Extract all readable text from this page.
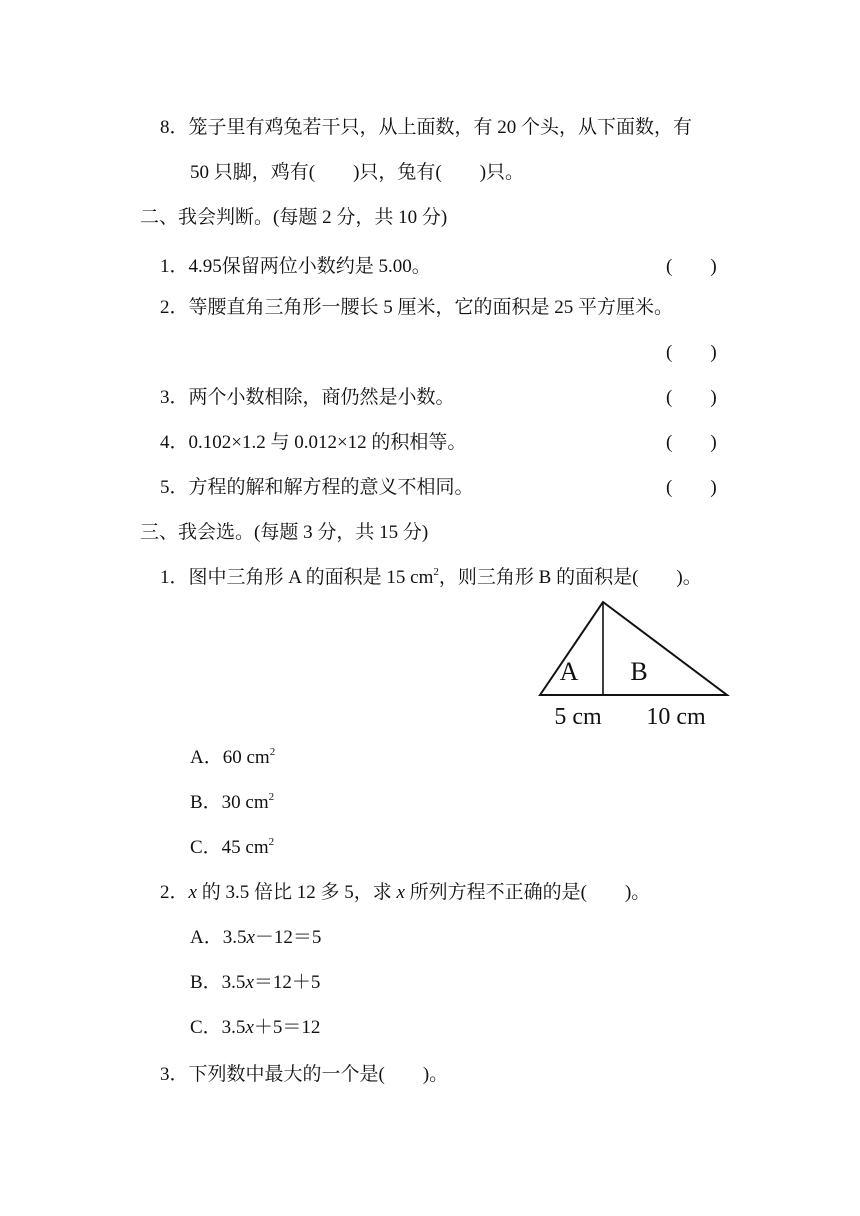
8．笼子里有鸡兔若干只，从上面数，有 20 个头，从下面数，有
50 只脚，鸡有(　　)只，兔有(　　)只。
二、我会判断。(每题 2 分，共 10 分)
1．4.95保留两位小数约是 5.00。	(　　)
2．等腰直角三角形一腰长 5 厘米，它的面积是 25 平方厘米。
(　　)
3．两个小数相除，商仍然是小数。	(　　)
4．0.102×1.2 与 0.012×12 的积相等。	(　　)
5．方程的解和解方程的意义不相同。	(　　)
三、我会选。(每题 3 分，共 15 分)
1．图中三角形 A 的面积是 15 $cm^2$，则三角形 B 的面积是(　　)。
A B
5 cm 10 cm
A．60 $cm^2$
B．30 $cm^2$
C．45 $cm^2$
2．x 的 3.5 倍比 12 多 5，求 x 所列方程不正确的是(　　)。
A．3.5x－12＝5
B．3.5x＝12＋5
C．3.5x＋5＝12
3．下列数中最大的一个是(　　)。
